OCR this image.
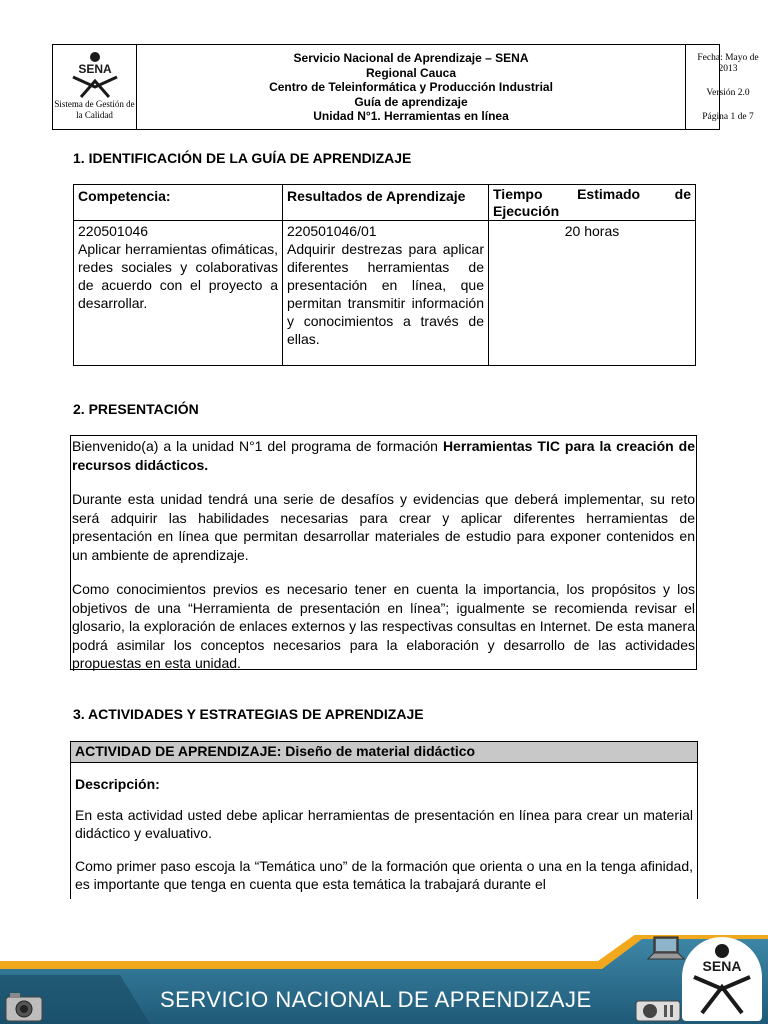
SENA
Sistema de Gestión de la Calidad
Servicio Nacional de Aprendizaje – SENA
Regional Cauca
Centro de Teleinformática y Producción Industrial
Guía de aprendizaje
Unidad N°1. Herramientas en línea
Fecha: Mayo de 2013
Versión 2.0
Página 1 de 7
1. IDENTIFICACIÓN DE LA GUÍA DE APRENDIZAJE
Competencia:	Resultados de Aprendizaje	Tiempo Estimado de Ejecución
220501046
Aplicar herramientas ofimáticas, redes sociales y colaborativas de acuerdo con el proyecto a desarrollar.
220501046/01
Adquirir destrezas para aplicar diferentes herramientas de presentación en línea, que permitan transmitir información y conocimientos a través de ellas.
20 horas
2. PRESENTACIÓN

Bienvenido(a) a la unidad N°1 del programa de formación Herramientas TIC para la creación de recursos didácticos.

Durante esta unidad tendrá una serie de desafíos y evidencias que deberá implementar, su reto será adquirir las habilidades necesarias para crear y aplicar diferentes herramientas de presentación en línea que permitan desarrollar materiales de estudio para exponer contenidos en un ambiente de aprendizaje.

Como conocimientos previos es necesario tener en cuenta la importancia, los propósitos y los objetivos de una “Herramienta de presentación en línea”; igualmente se recomienda revisar el glosario, la exploración de enlaces externos y las respectivas consultas en Internet. De esta manera podrá asimilar los conceptos necesarios para la elaboración y desarrollo de las actividades propuestas en esta unidad.

3. ACTIVIDADES Y ESTRATEGIAS DE APRENDIZAJE
ACTIVIDAD DE APRENDIZAJE: Diseño de material didáctico

Descripción:

En esta actividad usted debe aplicar herramientas de presentación en línea para crear un material didáctico y evaluativo.

Como primer paso escoja la “Temática uno” de la formación que orienta o una en la tenga afinidad, es importante que tenga en cuenta que esta temática la trabajará durante el

SERVICIO NACIONAL DE APRENDIZAJE
SENA
